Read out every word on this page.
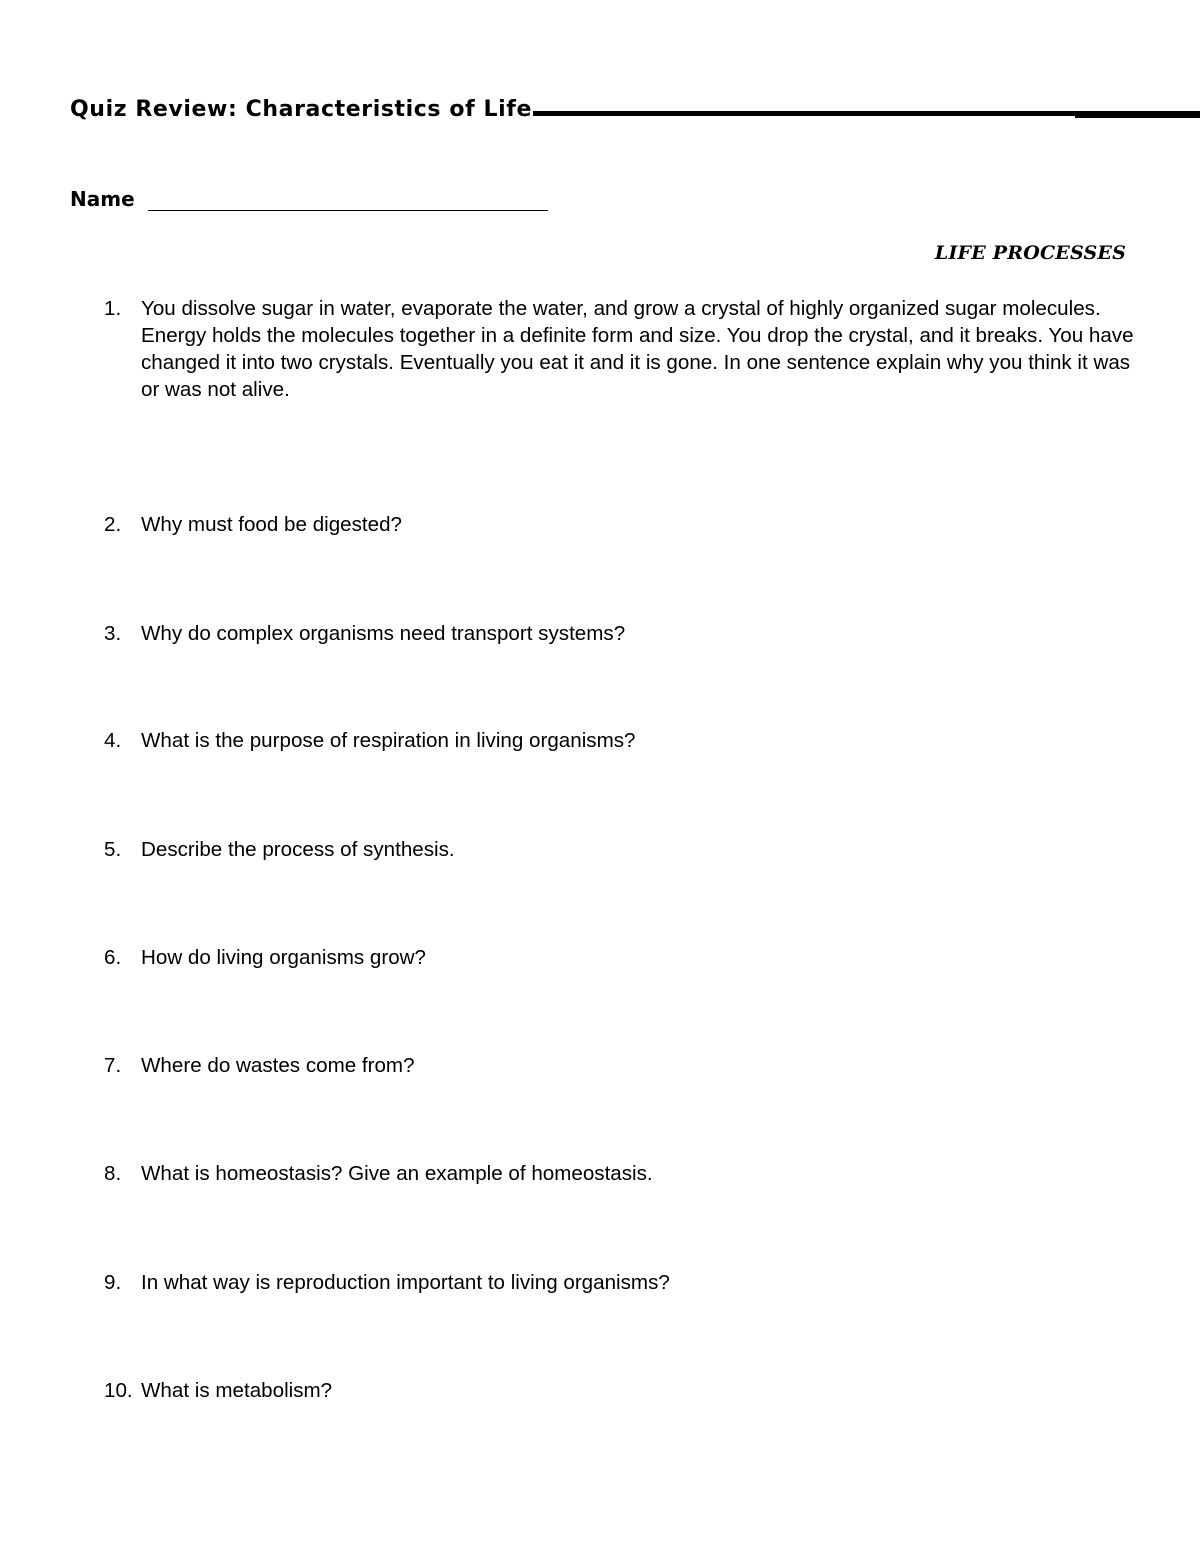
Quiz Review: Characteristics of Life
Name
LIFE PROCESSES
1. You dissolve sugar in water, evaporate the water, and grow a crystal of highly organized sugar molecules. Energy holds the molecules together in a definite form and size. You drop the crystal, and it breaks. You have changed it into two crystals. Eventually you eat it and it is gone. In one sentence explain why you think it was or was not alive.
2. Why must food be digested?
3. Why do complex organisms need transport systems?
4. What is the purpose of respiration in living organisms?
5. Describe the process of synthesis.
6. How do living organisms grow?
7. Where do wastes come from?
8. What is homeostasis? Give an example of homeostasis.
9. In what way is reproduction important to living organisms?
10. What is metabolism?
